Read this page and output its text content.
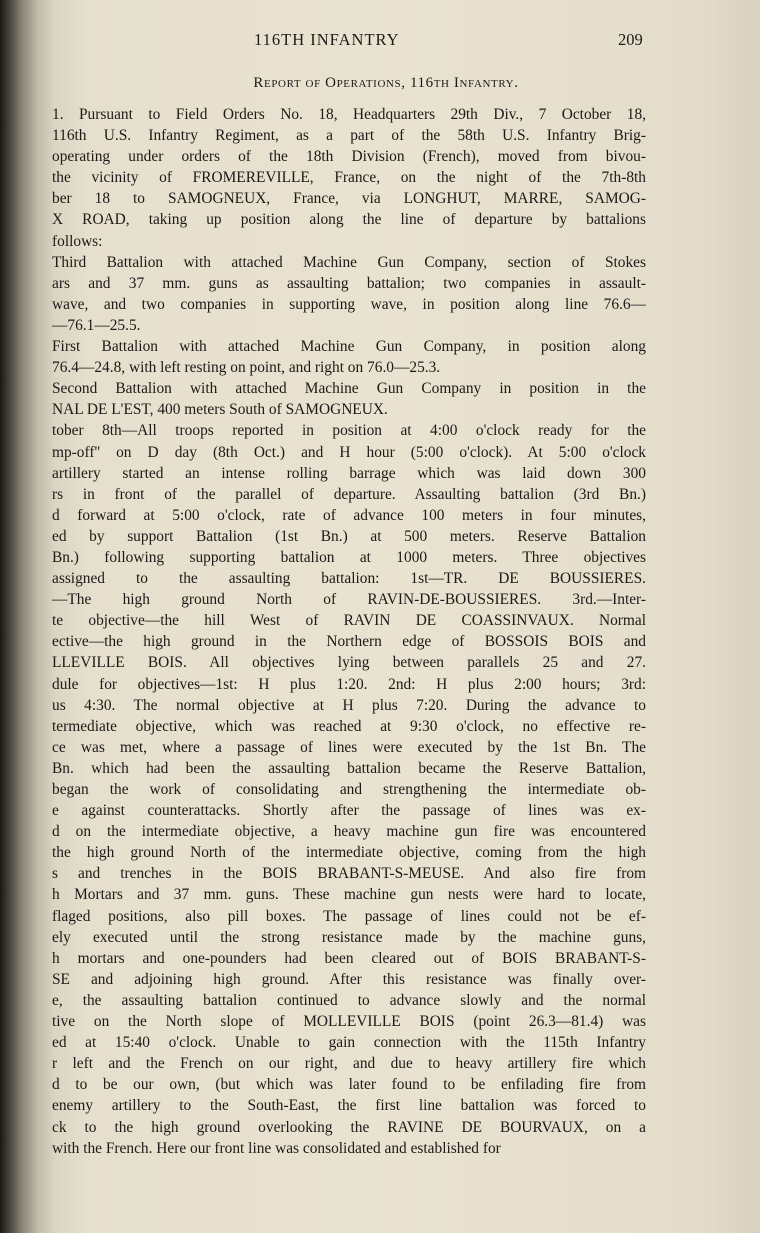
116TH INFANTRY	209
Report of Operations, 116th Infantry.
1. Pursuant to Field Orders No. 18, Headquarters 29th Div., 7 October 18,
116th U.S. Infantry Regiment, as a part of the 58th U.S. Infantry Brig-
operating under orders of the 18th Division (French), moved from bivou-
the vicinity of FROMEREVILLE, France, on the night of the 7th-8th
ber 18 to SAMOGNEUX, France, via LONGHUT, MARRE, SAMOG-
X ROAD, taking up position along the line of departure by battalions
follows:
Third Battalion with attached Machine Gun Company, section of Stokes
ars and 37 mm. guns as assaulting battalion; two companies in assault-
wave, and two companies in supporting wave, in position along line 76.6—
—76.1—25.5.
First Battalion with attached Machine Gun Company, in position along
76.4—24.8, with left resting on point, and right on 76.0—25.3.
Second Battalion with attached Machine Gun Company in position in the
NAL DE L'EST, 400 meters South of SAMOGNEUX.
tober 8th—All troops reported in position at 4:00 o'clock ready for the
mp-off'' on D day (8th Oct.) and H hour (5:00 o'clock). At 5:00 o'clock
artillery started an intense rolling barrage which was laid down 300
rs in front of the parallel of departure. Assaulting battalion (3rd Bn.)
d forward at 5:00 o'clock, rate of advance 100 meters in four minutes,
ed by support Battalion (1st Bn.) at 500 meters. Reserve Battalion
Bn.) following supporting battalion at 1000 meters. Three objectives
assigned to the assaulting battalion: 1st—TR. DE BOUSSIERES.
—The high ground North of RAVIN-DE-BOUSSIERES. 3rd.—Inter-
te objective—the hill West of RAVIN DE COASSINVAUX. Normal
ective—the high ground in the Northern edge of BOSSOIS BOIS and
LLEVILLE BOIS. All objectives lying between parallels 25 and 27.
dule for objectives—1st: H plus 1:20. 2nd: H plus 2:00 hours; 3rd:
us 4:30. The normal objective at H plus 7:20. During the advance to
termediate objective, which was reached at 9:30 o'clock, no effective re-
ce was met, where a passage of lines were executed by the 1st Bn. The
Bn. which had been the assaulting battalion became the Reserve Battalion,
began the work of consolidating and strengthening the intermediate ob-
e against counterattacks. Shortly after the passage of lines was ex-
d on the intermediate objective, a heavy machine gun fire was encountered
the high ground North of the intermediate objective, coming from the high
s and trenches in the BOIS BRABANT-S-MEUSE. And also fire from
h Mortars and 37 mm. guns. These machine gun nests were hard to locate,
flaged positions, also pill boxes. The passage of lines could not be ef-
ely executed until the strong resistance made by the machine guns,
h mortars and one-pounders had been cleared out of BOIS BRABANT-S-
SE and adjoining high ground. After this resistance was finally over-
e, the assaulting battalion continued to advance slowly and the normal
tive on the North slope of MOLLEVILLE BOIS (point 26.3—81.4) was
ed at 15:40 o'clock. Unable to gain connection with the 115th Infantry
r left and the French on our right, and due to heavy artillery fire which
d to be our own, (but which was later found to be enfilading fire from
enemy artillery to the South-East, the first line battalion was forced to
ck to the high ground overlooking the RAVINE DE BOURVAUX, on a
with the French. Here our front line was consolidated and established for
